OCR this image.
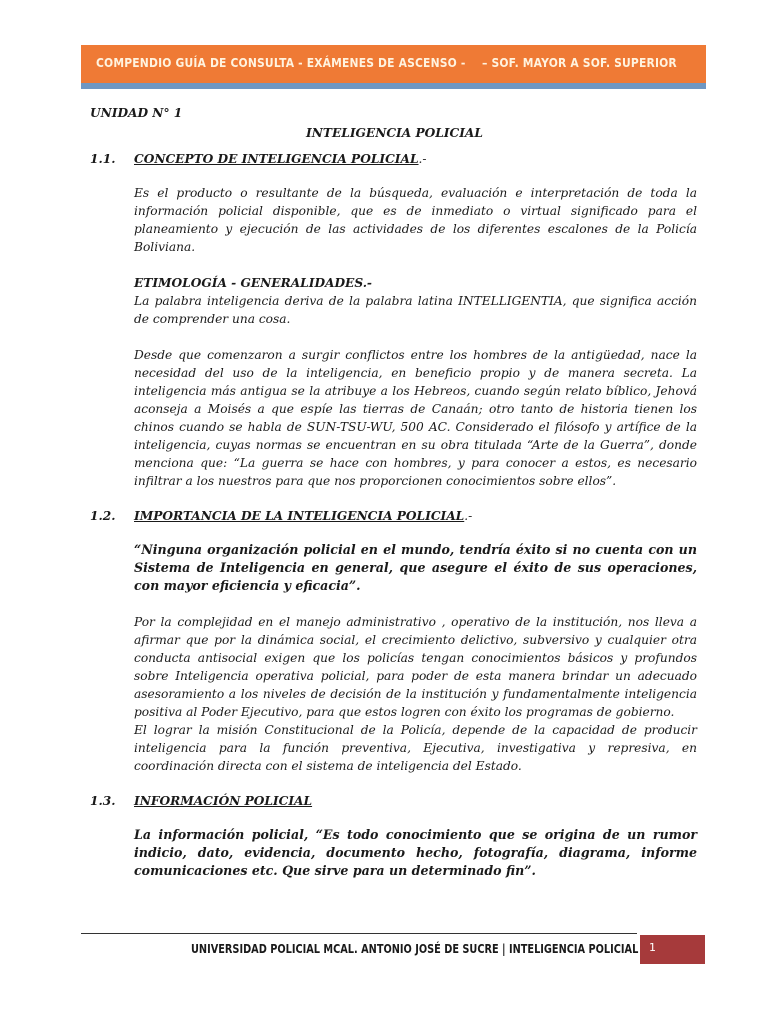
COMPENDIO GUÍA DE CONSULTA - EXÁMENES DE ASCENSO - – SOF. MAYOR A SOF. SUPERIOR
UNIDAD N° 1
INTELIGENCIA POLICIAL
1.1.	CONCEPTO DE INTELIGENCIA POLICIAL .-

Es el producto o resultante de la búsqueda, evaluación e interpretación de toda la información policial disponible, que es de inmediato o virtual significado para el planeamiento y ejecución de las actividades de los diferentes escalones de la Policía Boliviana.

ETIMOLOGÍA - GENERALIDADES.-

La palabra inteligencia deriva de la palabra latina INTELLIGENTIA, que significa acción de comprender una cosa.

Desde que comenzaron a surgir conflictos entre los hombres de la antigüedad, nace la necesidad del uso de la inteligencia, en beneficio propio y de manera secreta. La inteligencia más antigua se la atribuye a los Hebreos, cuando según relato bíblico, Jehová aconseja a Moisés a que espíe las tierras de Canaán; otro tanto de historia tienen los chinos cuando se habla de SUN-TSU-WU, 500 AC. Considerado el filósofo y artífice de la inteligencia, cuyas normas se encuentran en su obra titulada “Arte de la Guerra”, donde menciona que: “La guerra se hace con hombres, y para conocer a estos, es necesario infiltrar a los nuestros para que nos proporcionen conocimientos sobre ellos”.

1.2.	IMPORTANCIA DE LA INTELIGENCIA POLICIAL .-

“Ninguna organización policial en el mundo, tendría éxito si no cuenta con un Sistema de Inteligencia en general, que asegure el éxito de sus operaciones, con mayor eficiencia y eficacia”.

Por la complejidad en el manejo administrativo , operativo de la institución, nos lleva a afirmar que por la dinámica social, el crecimiento delictivo, subversivo y cualquier otra conducta antisocial exigen que los policías tengan conocimientos básicos y profundos sobre Inteligencia operativa policial, para poder de esta manera brindar un adecuado asesoramiento a los niveles de decisión de la institución y fundamentalmente inteligencia positiva al Poder Ejecutivo, para que estos logren con éxito los programas de gobierno.

El lograr la misión Constitucional de la Policía, depende de la capacidad de producir inteligencia para la función preventiva, Ejecutiva, investigativa y represiva, en coordinación directa con el sistema de inteligencia del Estado.

1.3.	INFORMACIÓN POLICIAL

La información policial, “Es todo conocimiento que se origina de un rumor indicio, dato, evidencia, documento hecho, fotografía, diagrama, informe comunicaciones etc. Que sirve para un determinado fin”.

UNIVERSIDAD POLICIAL MCAL. ANTONIO JOSÉ DE SUCRE | INTELIGENCIA POLICIAL 1
